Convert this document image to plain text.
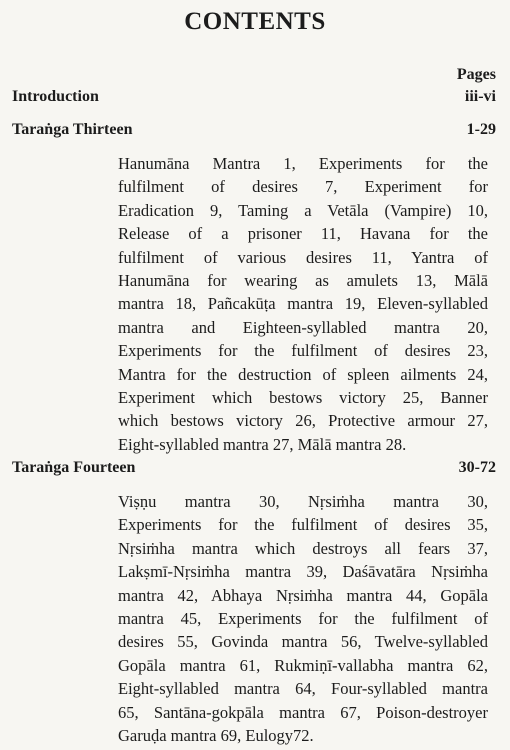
CONTENTS
Pages
Introduction	iii-vi
Taraṅga Thirteen	1-29
Hanumāna Mantra 1, Experiments for the
fulfilment of desires 7, Experiment for
Eradication 9, Taming a Vetāla (Vampire) 10,
Release of a prisoner 11, Havana for the
fulfilment of various desires 11, Yantra of
Hanumāna for wearing as amulets 13, Mālā
mantra 18, Pañcakūṭa mantra 19, Eleven-syllabled
mantra and Eighteen-syllabled mantra 20,
Experiments for the fulfilment of desires 23,
Mantra for the destruction of spleen ailments 24,
Experiment which bestows victory 25, Banner
which bestows victory 26, Protective armour 27,
Eight-syllabled mantra 27, Mālā mantra 28.
Taraṅga Fourteen	30-72
Viṣṇu mantra 30, Nṛsiṁha mantra 30,
Experiments for the fulfilment of desires 35,
Nṛsiṁha mantra which destroys all fears 37,
Lakṣmī-Nṛsiṁha mantra 39, Daśāvatāra Nṛsiṁha
mantra 42, Abhaya Nṛsiṁha mantra 44, Gopāla
mantra 45, Experiments for the fulfilment of
desires 55, Govinda mantra 56, Twelve-syllabled
Gopāla mantra 61, Rukmiṇī-vallabha mantra 62,
Eight-syllabled mantra 64, Four-syllabled mantra
65, Santāna-gokpāla mantra 67, Poison-destroyer
Garuḍa mantra 69, Eulogy72.
